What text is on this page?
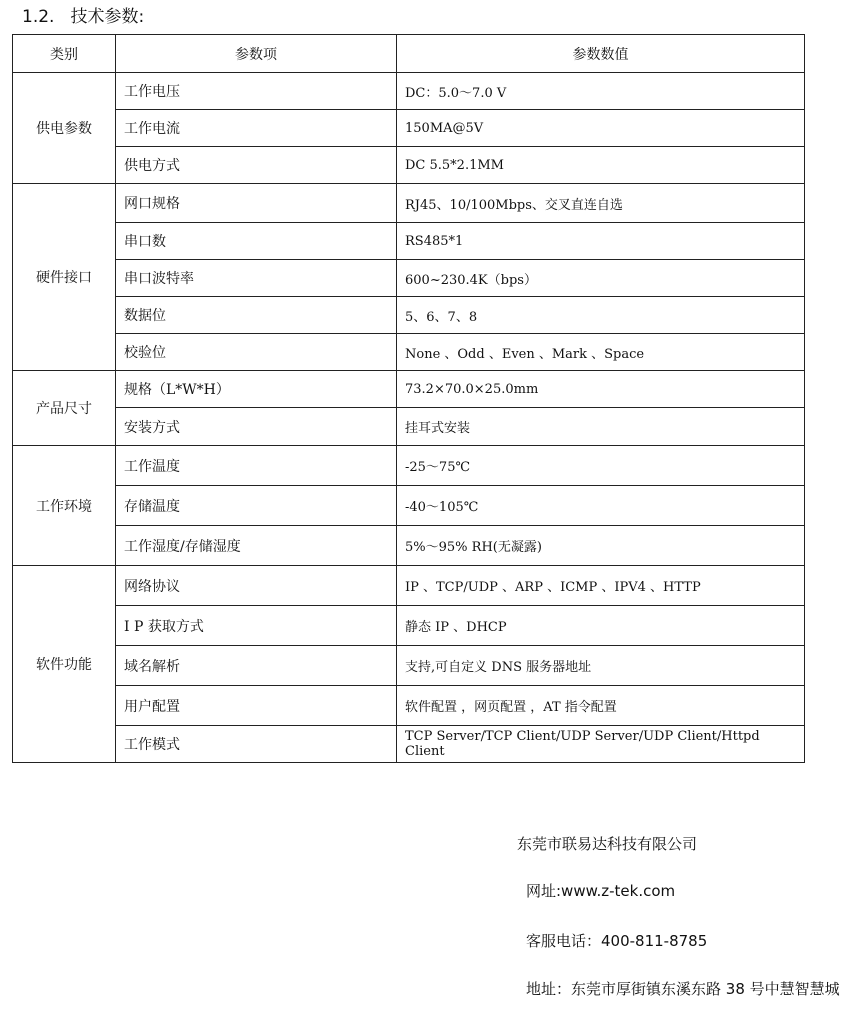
1.2. 技术参数:
类别	参数项	参数数值
供电参数	工作电压	DC：5.0～7.0 V
	工作电流	150MA@5V
	供电方式	DC 5.5*2.1MM
硬件接口	网口规格	RJ45、10/100Mbps、交叉直连自选
	串口数	RS485*1
	串口波特率	600~230.4K（bps）
	数据位	5、6、7、8
	校验位	None 、Odd 、Even 、Mark 、Space
产品尺寸	规格（L*W*H）	73.2×70.0×25.0mm
	安装方式	挂耳式安装
工作环境	工作温度	-25～75℃
	存储温度	-40～105℃
	工作湿度/存储湿度	5%～95% RH(无凝露)
软件功能	网络协议	IP 、TCP/UDP 、ARP 、ICMP 、IPV4 、HTTP
	I P 获取方式	静态 IP 、DHCP
	域名解析	支持,可自定义 DNS 服务器地址
	用户配置	软件配置 ，网页配置 ，AT 指令配置
	工作模式	TCP Server/TCP Client/UDP Server/UDP Client/Httpd Client
东莞市联易达科技有限公司
网址:www.z-tek.com
客服电话：400-811-8785
地址：东莞市厚街镇东溪东路 38 号中慧智慧城
